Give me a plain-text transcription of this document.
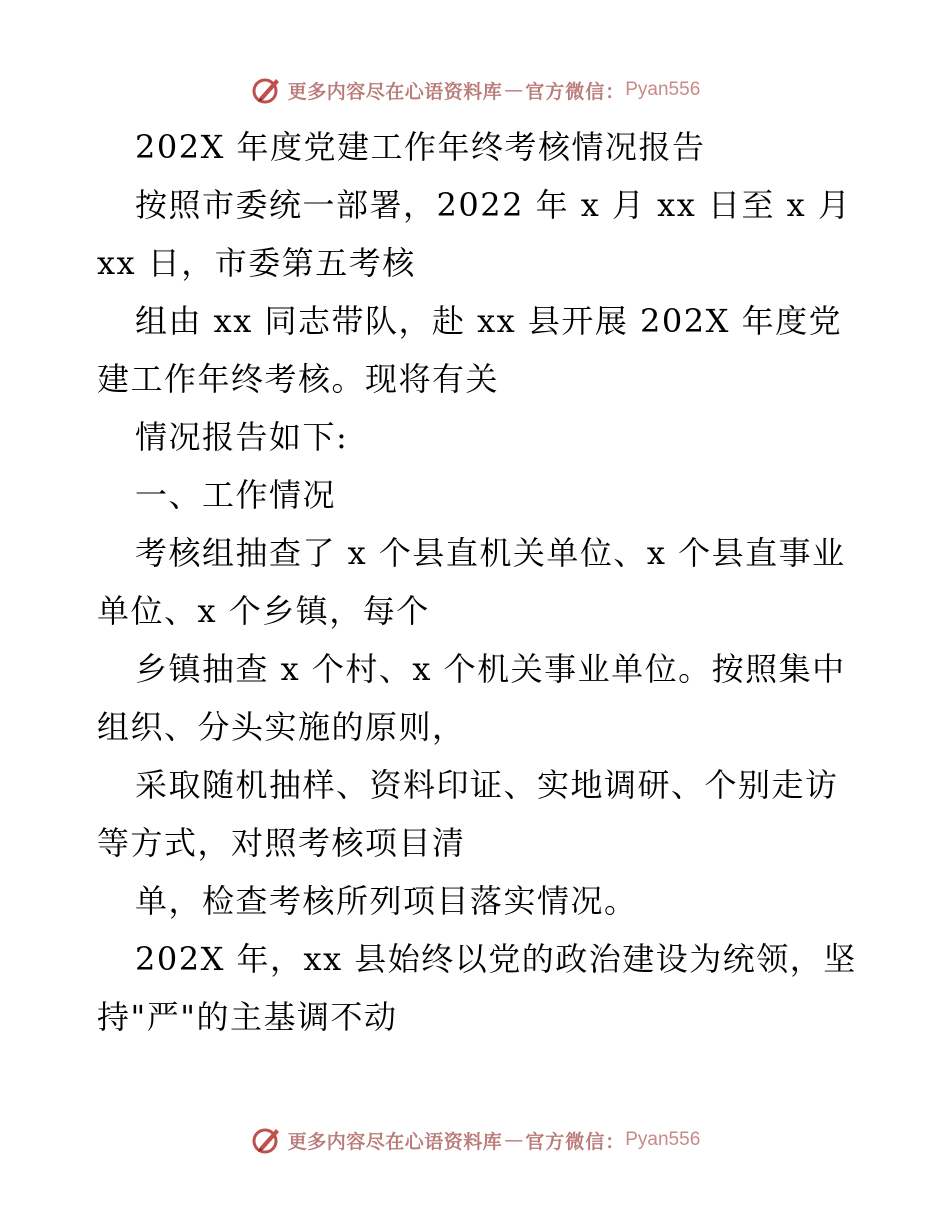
更多内容尽在心语资料库 — 官方微信： Pyan556
202X 年度党建工作年终考核情况报告
按照市委统一部署，2022 年 x 月 xx 日至 x 月
xx 日，市委第五考核
组由 xx 同志带队，赴 xx 县开展 202X 年度党
建工作年终考核。现将有关
情况报告如下:
一、工作情况
考核组抽查了 x 个县直机关单位、x 个县直事业
单位、x 个乡镇，每个
乡镇抽查 x 个村、x 个机关事业单位。按照集中
组织、分头实施的原则，
采取随机抽样、资料印证、实地调研、个别走访
等方式，对照考核项目清
单，检查考核所列项目落实情况。
202X 年，xx 县始终以党的政治建设为统领，坚
持"严"的主基调不动
更多内容尽在心语资料库 — 官方微信： Pyan556
